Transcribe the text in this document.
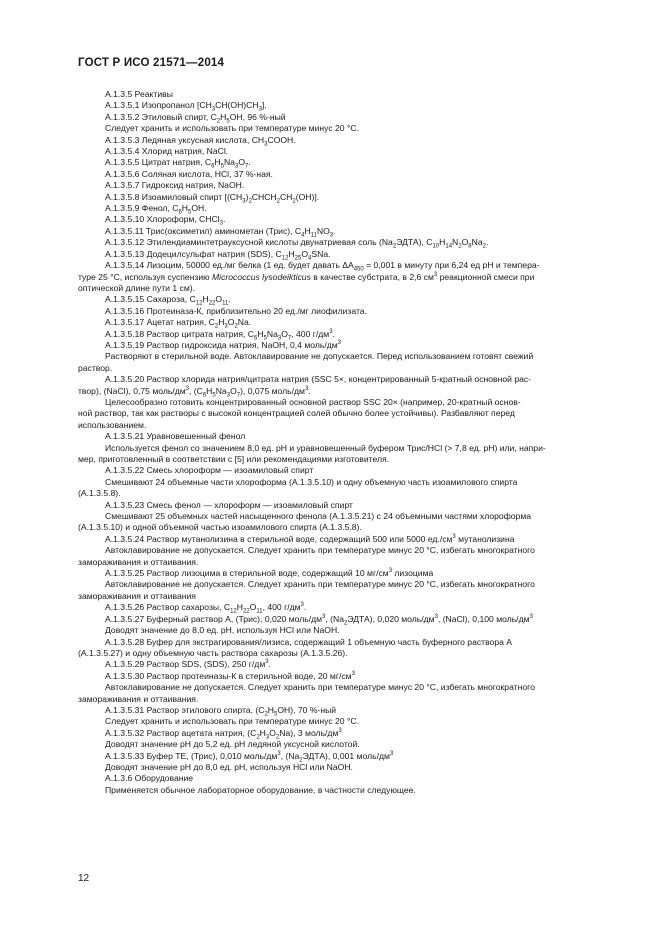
ГОСТ Р ИСО 21571—2014

A.1.3.5 Реактивы

A.1.3.5.1 Изопропанол $[CH_3CH(OH)CH_3]$.

A.1.3.5.2 Этиловый спирт, $C_2H_5OH$, 96 %-ный

Следует хранить и использовать при температуре минус 20 °С.

A.1.3.5.3 Ледяная уксусная кислота, $CH_3COOH$.

A.1.3.5.4 Хлорид натрия, NaCl.

A.1.3.5.5 Цитрат натрия, $C_6H_5Na_3O_7$.

A.1.3.5.6 Соляная кислота, HCl, 37 %-ная.

A.1.3.5.7 Гидроксид натрия, NaOH.

A.1.3.5.8 Изоамиловый спирт $[(CH_3)_2CHCH_2CH_2(OH)]$.

A.1.3.5.9 Фенол, $C_6H_5OH$.

A.1.3.5.10 Хлороформ, CHCl$_3$.

A.1.3.5.11 Трис(оксиметил) аминометан (Трис), $C_4H_{11}NO_3$.

A.1.3.5.12 Этилендиаминтетрауксусной кислоты двунатриевая соль $(Na_2ЭДТА)$, $C_{10}H_{14}N_2O_8Na_2$.

A.1.3.5.13 Додецилсульфат натрия (SDS), $C_{12}H_{25}O_4SNa$.

A.1.3.5.14 Лизоцим, 50000 ед./мг белка (1 ед. будет давать $\Delta A_{450} = 0,001$ в минуту при 6,24 ед pH и темпера-

туре 25 °С, используя суспензию Micrococcus lysodeikticus в качестве субстрата, в 2,6 $см^3$ реакционной смеси при

оптической длине пути 1 см).

A.1.3.5.15 Сахароза, $C_{12}H_{22}O_{11}$.

A.1.3.5.16 Протеиназа-К, приблизительно 20 ед./мг лиофилизата.

A.1.3.5.17 Ацетат натрия, $C_2H_3O_2Na$.

A.1.3.5.18 Раствор цитрата натрия, $C_6H_5Na_3O_7$, 400 $г/дм^3$.

A.1.3.5.19 Раствор гидроксида натрия, NaOH, 0,4 моль/$дм^3$

Растворяют в стерильной воде. Автоклавирование не допускается. Перед использованием готовят свежий

раствор.

A.1.3.5.20 Раствор хлорида натрия/цитрата натрия (SSC 5×, концентрированный 5-кратный основной рас-

твор), (NaCl), 0,75 моль/$дм^3$, $(C_6H_5Na_3O_7)$, 0,075 моль/$дм^3$.

Целесообразно готовить концентрированный основной раствор SSC 20× (например, 20-кратный основ-

ной раствор, так как растворы с высокой концентрацией солей обычно более устойчивы). Разбавляют перед

использованием.

A.1.3.5.21 Уравновешенный фенол

Используется фенол со значением 8,0 ед. pH и уравновешенный буфером Трис/HCl (> 7,8 ед. pH) или, напри-

мер, приготовленный в соответствии с [5] или рекомендациями изготовителя.

A.1.3.5.22 Смесь хлороформ — изоамиловый спирт

Смешивают 24 объемные части хлороформа (A.1.3.5.10) и одну объемную часть изоамилового спирта

(A.1.3.5.8).

A.1.3.5.23 Смесь фенол — хлороформ — изоамиловый спирт

Смешивают 25 объемных частей насыщенного фенола (A.1.3.5.21) с 24 объемными частями хлороформа

(A.1.3.5.10) и одной объемной частью изоамилового спирта (A.1.3.5.8).

A.1.3.5.24 Раствор мутанолизина в стерильной воде, содержащий 500 или 5000 $ед./см^3$ мутанолизина

Автоклавирование не допускается. Следует хранить при температуре минус 20 °С, избегать многократного

замораживания и оттаивания.

A.1.3.5.25 Раствор лизоцима в стерильной воде, содержащий 10 $мг/см^3$ лизоцима

Автоклавирование не допускается. Следует хранить при температуре минус 20 °С, избегать многократного

замораживания и оттаивания

A.1.3.5.26 Раствор сахарозы, $C_{12}H_{22}O_{11}$, 400 $г/дм^3$.

A.1.3.5.27 Буферный раствор А, (Трис), 0,020 моль/$дм^3$, $(Na_2ЭДТА)$, 0,020 моль/$дм^3$, (NaCl), 0,100 моль/$дм^3$

Доводят значение до 8,0 ед. pH, используя HCl или NaOH.

A.1.3.5.28 Буфер для экстрагирования/лизиса, содержащий 1 объемную часть буферного раствора А

(A.1.3.5.27) и одну объемную часть раствора сахарозы (A.1.3.5.26).

A.1.3.5.29 Раствор SDS, (SDS), 250 $г/дм^3$.

A.1.3.5.30 Раствор протеиназы-К в стерильной воде, 20 $мг/см^3$

Автоклавирование не допускается. Следует хранить при температуре минус 20 °С, избегать многократного

замораживания и оттаивания.

A.1.3.5.31 Раствор этилового спирта, $(C_2H_5OH)$, 70 %-ный

Следует хранить и использовать при температуре минус 20 °С.

A.1.3.5.32 Раствор ацетата натрия, $(C_2H_3O_2Na)$, 3 моль/$дм^3$

Доводят значение pH до 5,2 ед. pH ледяной уксусной кислотой.

A.1.3.5.33 Буфер ТЕ, (Трис), 0,010 моль/$дм^3$, $(Na_2ЭДТА)$, 0,001 моль/$дм^3$

Доводят значение pH до 8,0 ед. pH, используя HCl или NaOH.

A.1.3.6 Оборудование

Применяется обычное лабораторное оборудование, в частности следующее.

12
